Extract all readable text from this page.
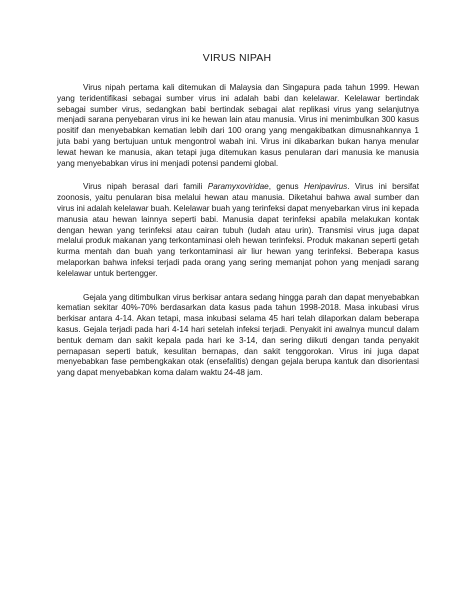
VIRUS NIPAH

Virus nipah pertama kali ditemukan di Malaysia dan Singapura pada tahun 1999. Hewan yang teridentifikasi sebagai sumber virus ini adalah babi dan kelelawar. Kelelawar bertindak sebagai sumber virus, sedangkan babi bertindak sebagai alat replikasi virus yang selanjutnya menjadi sarana penyebaran virus ini ke hewan lain atau manusia. Virus ini menimbulkan 300 kasus positif dan menyebabkan kematian lebih dari 100 orang yang mengakibatkan dimusnahkannya 1 juta babi yang bertujuan untuk mengontrol wabah ini. Virus ini dikabarkan bukan hanya menular lewat hewan ke manusia, akan tetapi juga ditemukan kasus penularan dari manusia ke manusia yang menyebabkan virus ini menjadi potensi pandemi global.

Virus nipah berasal dari famili Paramyxoviridae, genus Henipavirus. Virus ini bersifat zoonosis, yaitu penularan bisa melalui hewan atau manusia. Diketahui bahwa awal sumber dan virus ini adalah kelelawar buah. Kelelawar buah yang terinfeksi dapat menyebarkan virus ini kepada manusia atau hewan lainnya seperti babi. Manusia dapat terinfeksi apabila melakukan kontak dengan hewan yang terinfeksi atau cairan tubuh (ludah atau urin). Transmisi virus juga dapat melalui produk makanan yang terkontaminasi oleh hewan terinfeksi. Produk makanan seperti getah kurma mentah dan buah yang terkontaminasi air liur hewan yang terinfeksi. Beberapa kasus melaporkan bahwa infeksi terjadi pada orang yang sering memanjat pohon yang menjadi sarang kelelawar untuk bertengger.

Gejala yang ditimbulkan virus berkisar antara sedang hingga parah dan dapat menyebabkan kematian sekitar 40%-70% berdasarkan data kasus pada tahun 1998-2018. Masa inkubasi virus berkisar antara 4-14. Akan tetapi, masa inkubasi selama 45 hari telah dilaporkan dalam beberapa kasus. Gejala terjadi pada hari 4-14 hari setelah infeksi terjadi. Penyakit ini awalnya muncul dalam bentuk demam dan sakit kepala pada hari ke 3-14, dan sering diikuti dengan tanda penyakit pernapasan seperti batuk, kesulitan bernapas, dan sakit tenggorokan. Virus ini juga dapat menyebabkan fase pembengkakan otak (ensefalitis) dengan gejala berupa kantuk dan disorientasi yang dapat menyebabkan koma dalam waktu 24-48 jam.
